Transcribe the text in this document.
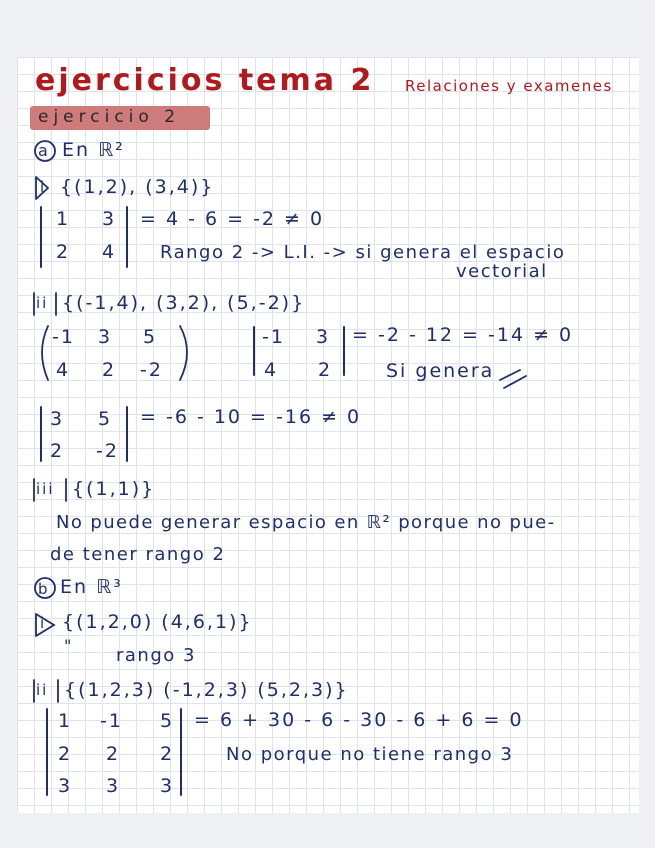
ejercicios tema 2 Relaciones y examenes
ejercicio 2
a En ℝ²
i {(1,2), (3,4)}
1 3
2 4
= 4 - 6 = -2 ≠ 0
Rango 2 -> L.I. -> si genera el espacio
vectorial
ii {(-1,4), (3,2), (5,-2)}
-1 3 5
4 2 -2
-1 3
4 2
= -2 - 12 = -14 ≠ 0
Si genera
3 5
2 -2
= -6 - 10 = -16 ≠ 0
iii {(1,1)}
No puede generar espacio en ℝ² porque no pue-
de tener rango 2
b En ℝ³
i {(1,2,0) (4,6,1)}
" rango 3
ii {(1,2,3) (-1,2,3) (5,2,3)}
1 -1 5
2 2 2
3 3 3
= 6 + 30 - 6 - 30 - 6 + 6 = 0
No porque no tiene rango 3
